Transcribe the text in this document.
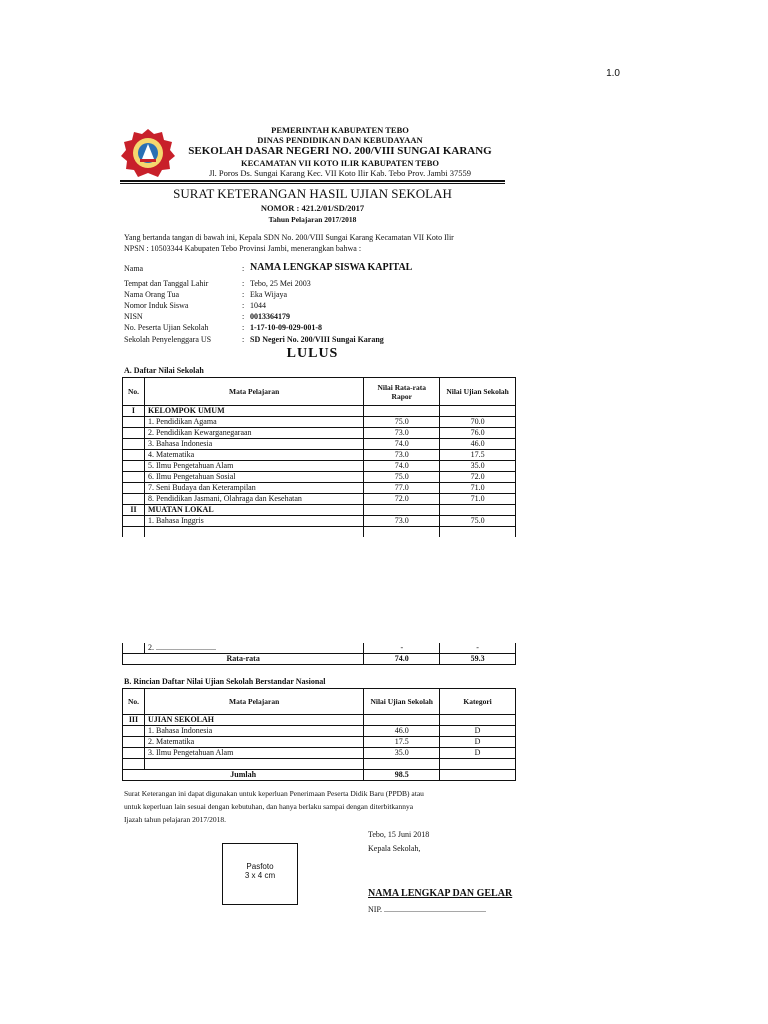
1.0
PEMERINTAH KABUPATEN TEBO
DINAS PENDIDIKAN DAN KEBUDAYAAN
SEKOLAH DASAR NEGERI NO. 200/VIII SUNGAI KARANG
KECAMATAN VII KOTO ILIR KABUPATEN TEBO
Jl. Poros Ds. Sungai Karang Kec. VII Koto Ilir Kab. Tebo Prov. Jambi 37559
SURAT KETERANGAN HASIL UJIAN SEKOLAH
NOMOR : 421.2/01/SD/2017
Tahun Pelajaran 2017/2018
Yang bertanda tangan di bawah ini, Kepala SDN No. 200/VIII Sungai Karang Kecamatan VII Koto Ilir
NPSN : 10503344 Kabupaten Tebo Provinsi Jambi, menerangkan bahwa :
Nama	: NAMA LENGKAP SISWA KAPITAL
Tempat dan Tanggal Lahir	: Tebo, 25 Mei 2003
Nama Orang Tua	: Eka Wijaya
Nomor Induk Siswa	: 1044
NISN	: 0013364179
No. Peserta Ujian Sekolah	: 1-17-10-09-029-001-8
Sekolah Penyelenggara US	: SD Negeri No. 200/VIII Sungai Karang
LULUS
A. Daftar Nilai Sekolah
No.	Mata Pelajaran	Nilai Rata-rata Rapor	Nilai Ujian Sekolah
I	KELOMPOK UMUM		
	1. Pendidikan Agama	75.0	70.0
	2. Pendidikan Kewarganegaraan	73.0	76.0
	3. Bahasa Indonesia	74.0	46.0
	4. Matematika	73.0	17.5
	5. Ilmu Pengetahuan Alam	74.0	35.0
	6. Ilmu Pengetahuan Sosial	75.0	72.0
	7. Seni Budaya dan Keterampilan	77.0	71.0
	8. Pendidikan Jasmani, Olahraga dan Kesehatan	72.0	71.0
II	MUATAN LOKAL		
	1. Bahasa Inggris	73.0	75.0

	2. ..............................	-	-
Rata-rata		74.0	59.3
B. Rincian Daftar Nilai Ujian Sekolah Berstandar Nasional
No.	Mata Pelajaran	Nilai Ujian Sekolah	Kategori
III	UJIAN SEKOLAH		
	1. Bahasa Indonesia	46.0	D
	2. Matematika	17.5	D
	3. Ilmu Pengetahuan Alam	35.0	D

Jumlah		98.5	
Surat Keterangan ini dapat digunakan untuk keperluan Penerimaan Peserta Didik Baru (PPDB) atau
untuk keperluan lain sesuai dengan kebutuhan, dan hanya berlaku sampai dengan diterbitkannya
Ijazah tahun pelajaran 2017/2018.
Tebo, 15 Juni 2018
Kepala Sekolah,
NAMA LENGKAP DAN GELAR
NIP. ...................................................
Pasfoto
3 x 4 cm
